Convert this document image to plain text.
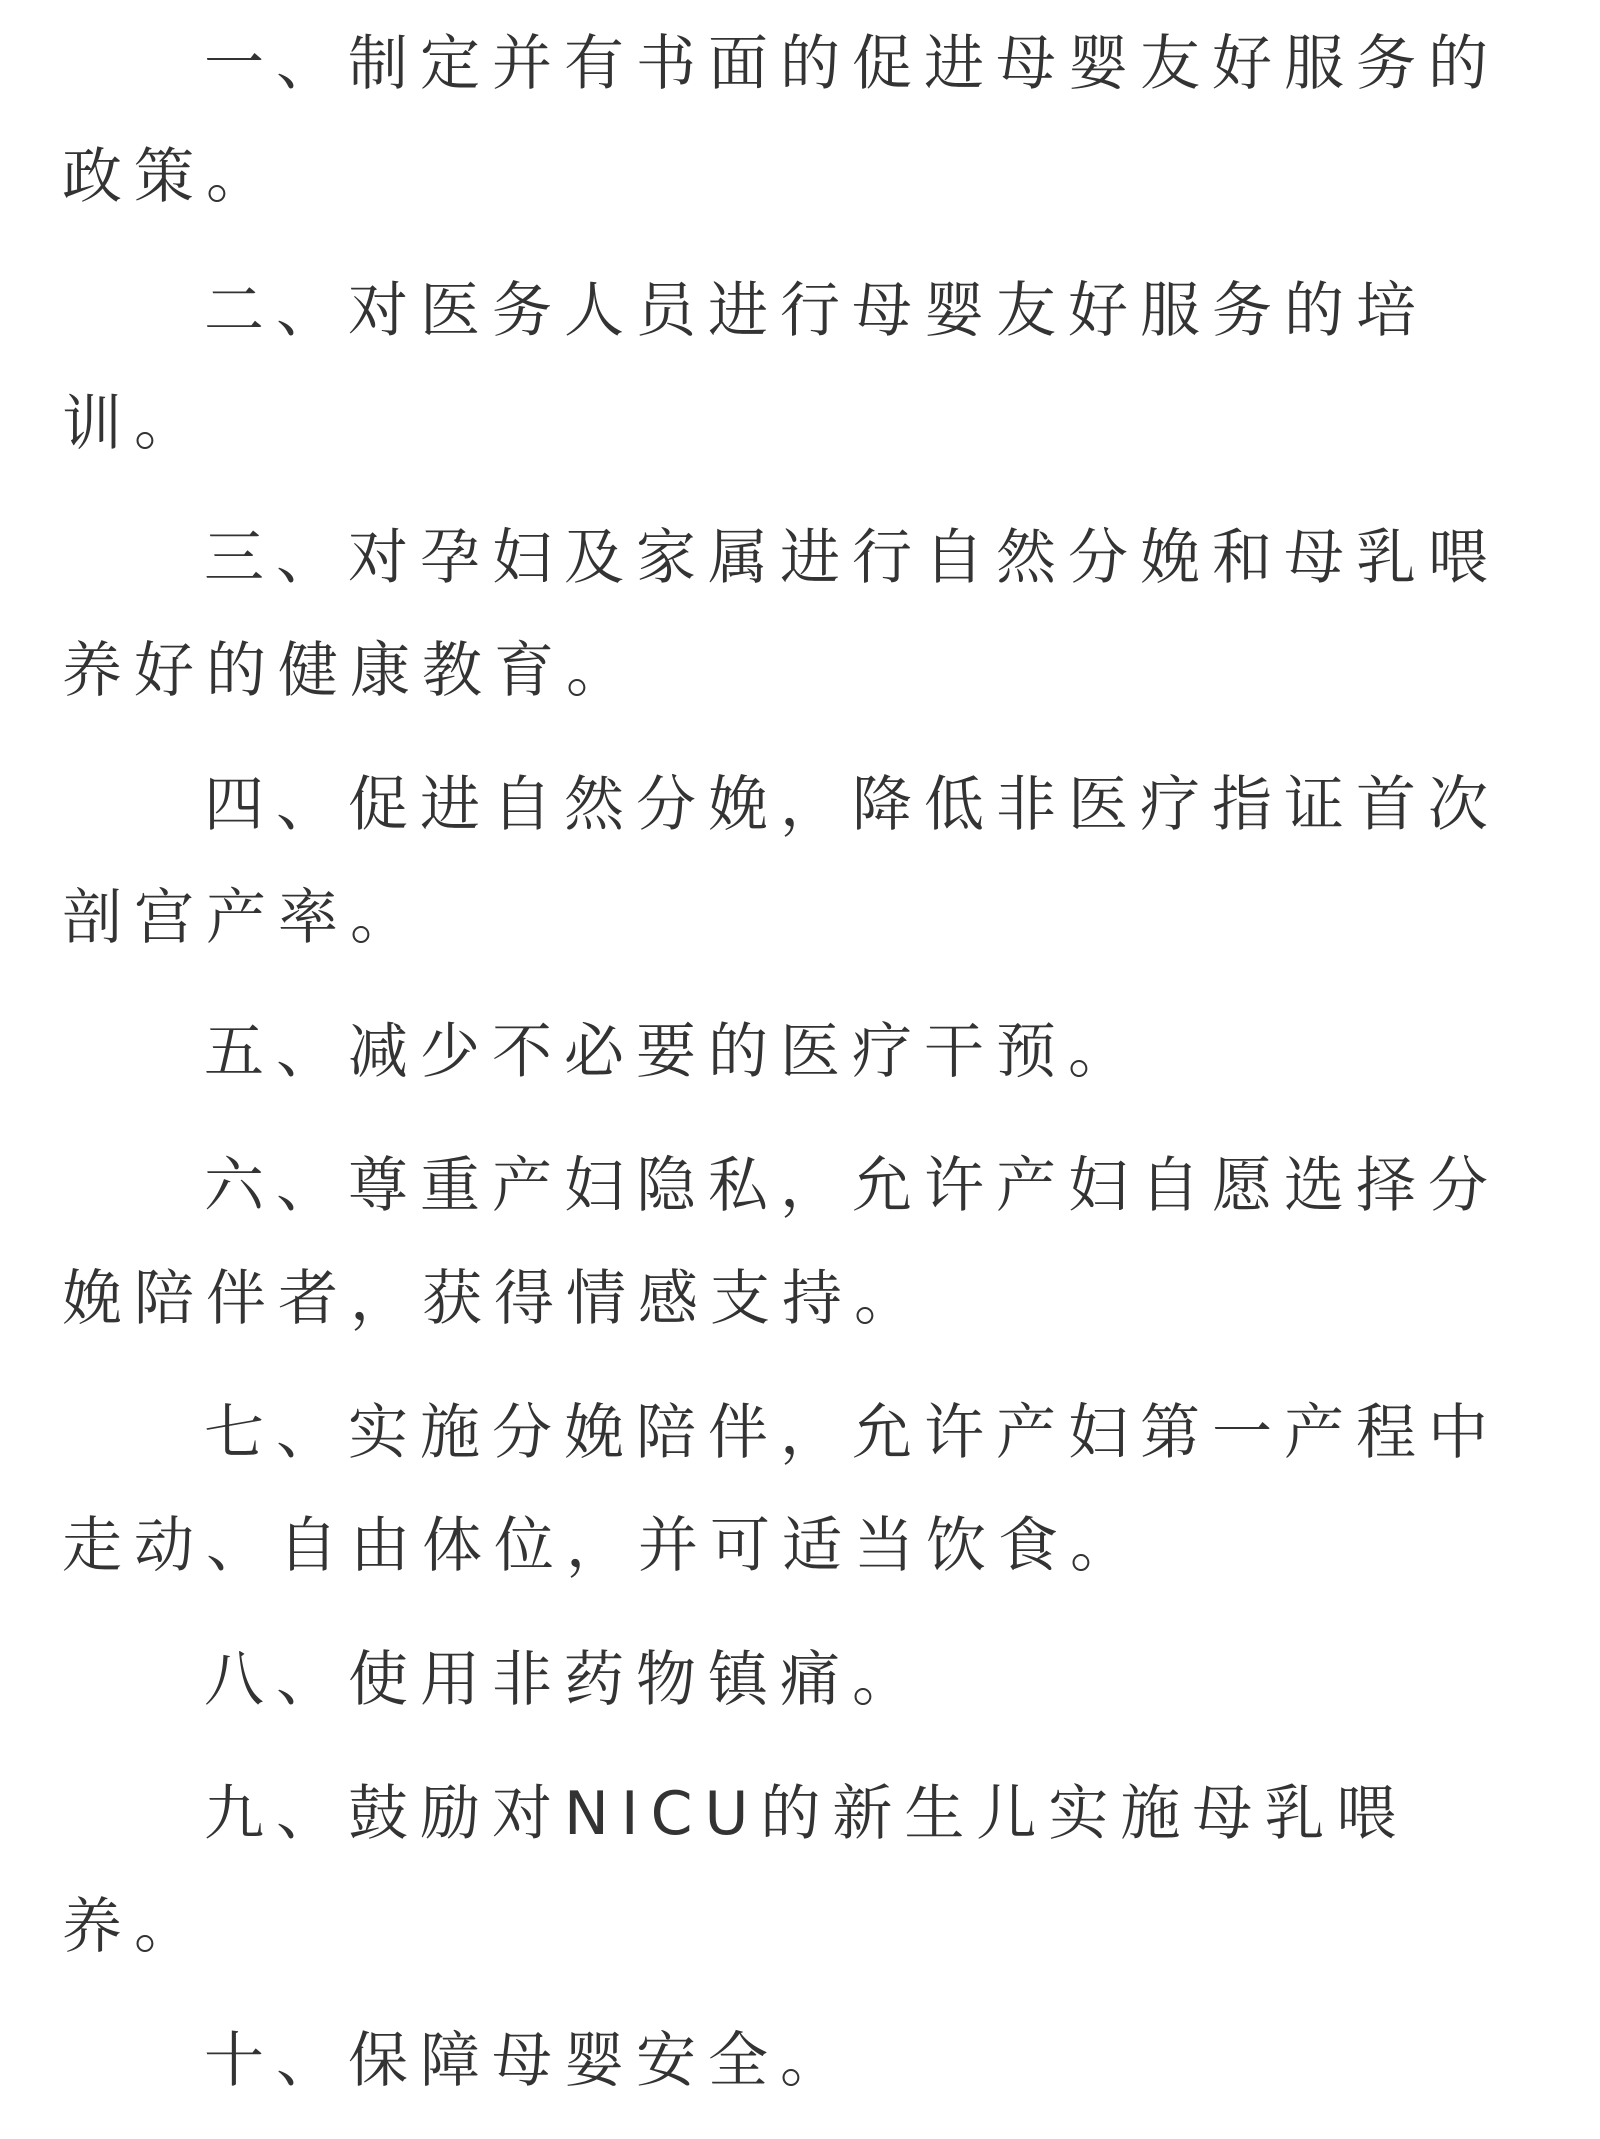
一、制定并有书面的促进母婴友好服务的政策。

二、对医务人员进行母婴友好服务的培训。

三、对孕妇及家属进行自然分娩和母乳喂养好的健康教育。

四、促进自然分娩，降低非医疗指证首次剖宫产率。

五、减少不必要的医疗干预。

六、尊重产妇隐私，允许产妇自愿选择分娩陪伴者，获得情感支持。

七、实施分娩陪伴，允许产妇第一产程中走动、自由体位，并可适当饮食。

八、使用非药物镇痛。

九、鼓励对NICU的新生儿实施母乳喂养。

十、保障母婴安全。
